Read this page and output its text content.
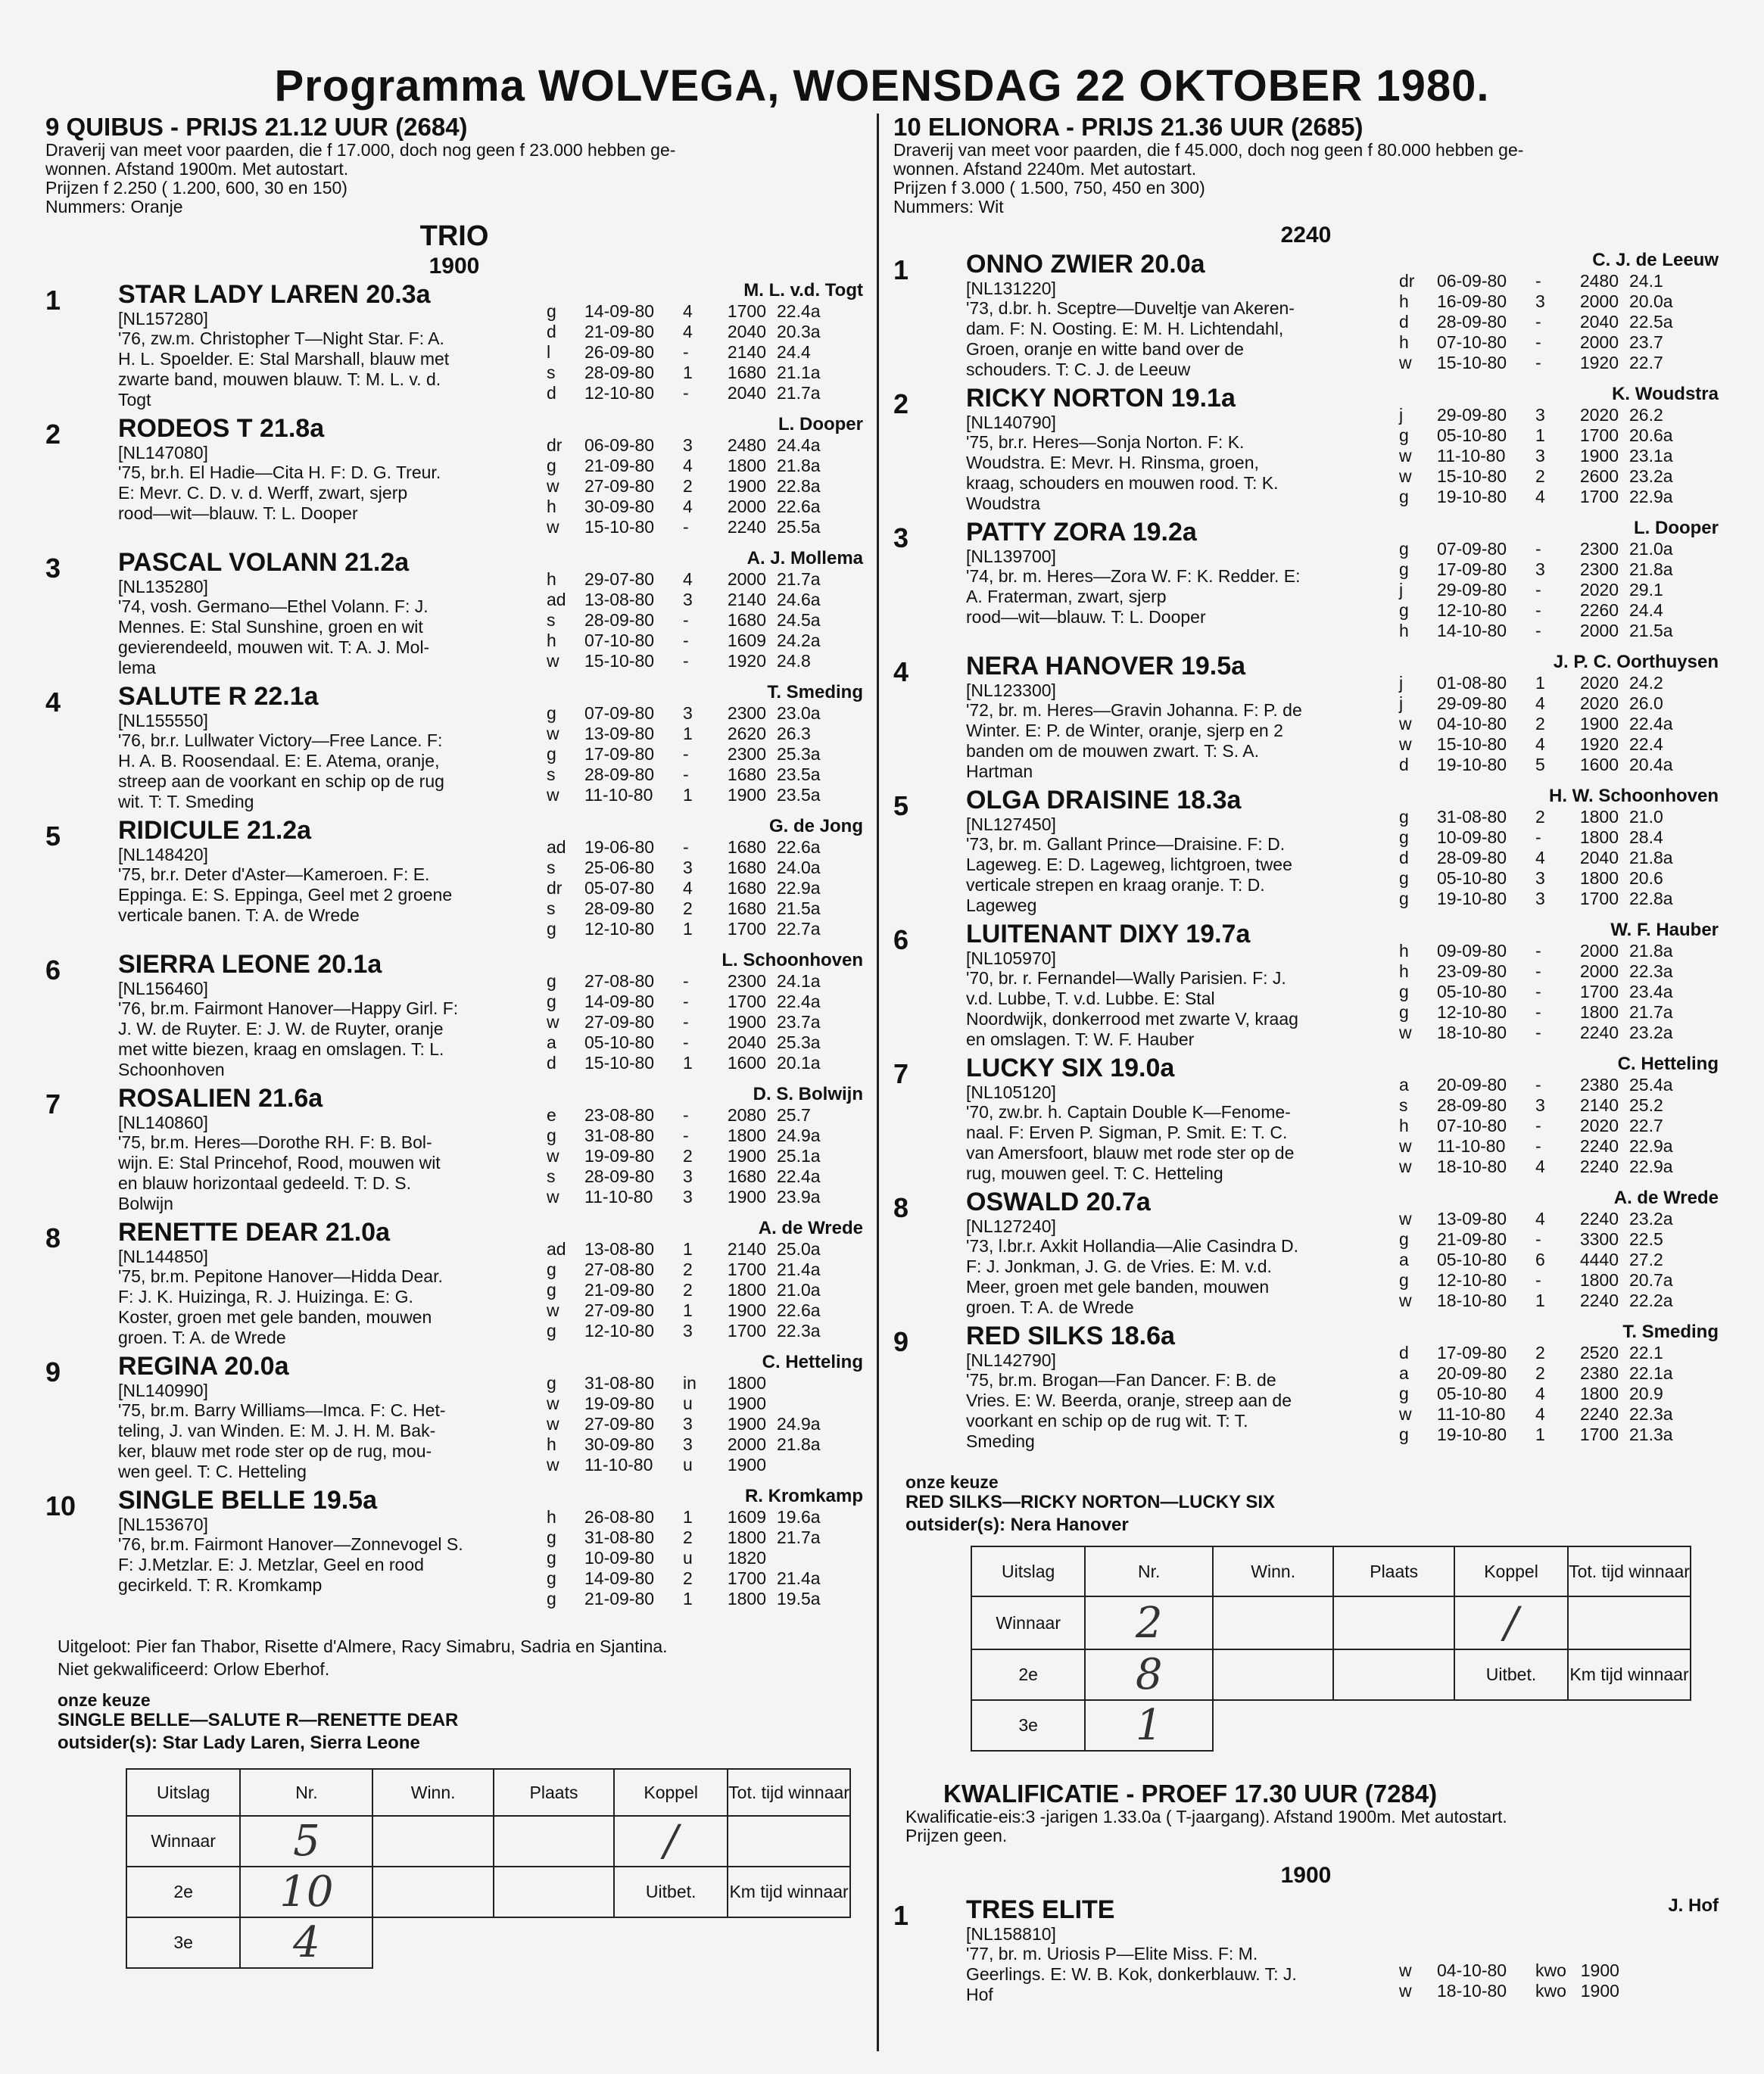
Programma WOLVEGA, WOENSDAG 22 OKTOBER 1980.
9 QUIBUS - PRIJS 21.12 UUR (2684)
Draverij van meet voor paarden, die f 17.000, doch nog geen f 23.000 hebben ge-
wonnen. Afstand 1900m. Met autostart.
Prijzen f 2.250 ( 1.200, 600, 30 en 150)
Nummers: Oranje
TRIO
1900
1	STAR LADY LAREN 20.3a
[NL157280]
'76, zw.m. Christopher T—Night Star. F: A.
H. L. Spoelder. E: Stal Marshall, blauw met
zwarte band, mouwen blauw. T: M. L. v. d.
Togt
M. L. v.d. Togt
g	14-09-80	4	1700	22.4a
d	21-09-80	4	2040	20.3a
l	26-09-80	-	2140	24.4
s	28-09-80	1	1680	21.1a
d	12-10-80	-	2040	21.7a
2	RODEOS T 21.8a
[NL147080]
'75, br.h. El Hadie—Cita H. F: D. G. Treur.
E: Mevr. C. D. v. d. Werff, zwart, sjerp
rood—wit—blauw. T: L. Dooper
L. Dooper
dr	06-09-80	3	2480	24.4a
g	21-09-80	4	1800	21.8a
w	27-09-80	2	1900	22.8a
h	30-09-80	4	2000	22.6a
w	15-10-80	-	2240	25.5a
3	PASCAL VOLANN 21.2a
[NL135280]
'74, vosh. Germano—Ethel Volann. F: J.
Mennes. E: Stal Sunshine, groen en wit
gevierendeeld, mouwen wit. T: A. J. Mol-
lema
A. J. Mollema
h	29-07-80	4	2000	21.7a
ad	13-08-80	3	2140	24.6a
s	28-09-80	-	1680	24.5a
h	07-10-80	-	1609	24.2a
w	15-10-80	-	1920	24.8
4	SALUTE R 22.1a
[NL155550]
'76, br.r. Lullwater Victory—Free Lance. F:
H. A. B. Roosendaal. E: E. Atema, oranje,
streep aan de voorkant en schip op de rug
wit. T: T. Smeding
T. Smeding
g	07-09-80	3	2300	23.0a
w	13-09-80	1	2620	26.3
g	17-09-80	-	2300	25.3a
s	28-09-80	-	1680	23.5a
w	11-10-80	1	1900	23.5a
5	RIDICULE 21.2a
[NL148420]
'75, br.r. Deter d'Aster—Kameroen. F: E.
Eppinga. E: S. Eppinga, Geel met 2 groene
verticale banen. T: A. de Wrede
G. de Jong
ad	19-06-80	-	1680	22.6a
s	25-06-80	3	1680	24.0a
dr	05-07-80	4	1680	22.9a
s	28-09-80	2	1680	21.5a
g	12-10-80	1	1700	22.7a
6	SIERRA LEONE 20.1a
[NL156460]
'76, br.m. Fairmont Hanover—Happy Girl. F:
J. W. de Ruyter. E: J. W. de Ruyter, oranje
met witte biezen, kraag en omslagen. T: L.
Schoonhoven
L. Schoonhoven
g	27-08-80	-	2300	24.1a
g	14-09-80	-	1700	22.4a
w	27-09-80	-	1900	23.7a
a	05-10-80	-	2040	25.3a
d	15-10-80	1	1600	20.1a
7	ROSALIEN 21.6a
[NL140860]
'75, br.m. Heres—Dorothe RH. F: B. Bol-
wijn. E: Stal Princehof, Rood, mouwen wit
en blauw horizontaal gedeeld. T: D. S.
Bolwijn
D. S. Bolwijn
e	23-08-80	-	2080	25.7
g	31-08-80	-	1800	24.9a
w	19-09-80	2	1900	25.1a
s	28-09-80	3	1680	22.4a
w	11-10-80	3	1900	23.9a
8	RENETTE DEAR 21.0a
[NL144850]
'75, br.m. Pepitone Hanover—Hidda Dear.
F: J. K. Huizinga, R. J. Huizinga. E: G.
Koster, groen met gele banden, mouwen
groen. T: A. de Wrede
A. de Wrede
ad	13-08-80	1	2140	25.0a
g	27-08-80	2	1700	21.4a
g	21-09-80	2	1800	21.0a
w	27-09-80	1	1900	22.6a
g	12-10-80	3	1700	22.3a
9	REGINA 20.0a
[NL140990]
'75, br.m. Barry Williams—Imca. F: C. Het-
teling, J. van Winden. E: M. J. H. M. Bak-
ker, blauw met rode ster op de rug, mou-
wen geel. T: C. Hetteling
C. Hetteling
g	31-08-80	in	1800	
w	19-09-80	u	1900	
w	27-09-80	3	1900	24.9a
h	30-09-80	3	2000	21.8a
w	11-10-80	u	1900	
10	SINGLE BELLE 19.5a
[NL153670]
'76, br.m. Fairmont Hanover—Zonnevogel S.
F: J.Metzlar. E: J. Metzlar, Geel en rood
gecirkeld. T: R. Kromkamp
R. Kromkamp
h	26-08-80	1	1609	19.6a
g	31-08-80	2	1800	21.7a
g	10-09-80	u	1820	
g	14-09-80	2	1700	21.4a
g	21-09-80	1	1800	19.5a
10 ELIONORA - PRIJS 21.36 UUR (2685)
Draverij van meet voor paarden, die f 45.000, doch nog geen f 80.000 hebben ge-
wonnen. Afstand 2240m. Met autostart.
Prijzen f 3.000 ( 1.500, 750, 450 en 300)
Nummers: Wit
2240
1	ONNO ZWIER 20.0a
[NL131220]
'73, d.br. h. Sceptre—Duveltje van Akeren-
dam. F: N. Oosting. E: M. H. Lichtendahl,
Groen, oranje en witte band over de
schouders. T: C. J. de Leeuw
C. J. de Leeuw
dr	06-09-80	-	2480	24.1
h	16-09-80	3	2000	20.0a
d	28-09-80	-	2040	22.5a
h	07-10-80	-	2000	23.7
w	15-10-80	-	1920	22.7
2	RICKY NORTON 19.1a
[NL140790]
'75, br.r. Heres—Sonja Norton. F: K.
Woudstra. E: Mevr. H. Rinsma, groen,
kraag, schouders en mouwen rood. T: K.
Woudstra
K. Woudstra
j	29-09-80	3	2020	26.2
g	05-10-80	1	1700	20.6a
w	11-10-80	3	1900	23.1a
w	15-10-80	2	2600	23.2a
g	19-10-80	4	1700	22.9a
3	PATTY ZORA 19.2a
[NL139700]
'74, br. m. Heres—Zora W. F: K. Redder. E:
A. Fraterman, zwart, sjerp
rood—wit—blauw. T: L. Dooper
L. Dooper
g	07-09-80	-	2300	21.0a
g	17-09-80	3	2300	21.8a
j	29-09-80	-	2020	29.1
g	12-10-80	-	2260	24.4
h	14-10-80	-	2000	21.5a
4	NERA HANOVER 19.5a
[NL123300]
'72, br. m. Heres—Gravin Johanna. F: P. de
Winter. E: P. de Winter, oranje, sjerp en 2
banden om de mouwen zwart. T: S. A.
Hartman
J. P. C. Oorthuysen
j	01-08-80	1	2020	24.2
j	29-09-80	4	2020	26.0
w	04-10-80	2	1900	22.4a
w	15-10-80	4	1920	22.4
d	19-10-80	5	1600	20.4a
5	OLGA DRAISINE 18.3a
[NL127450]
'73, br. m. Gallant Prince—Draisine. F: D.
Lageweg. E: D. Lageweg, lichtgroen, twee
verticale strepen en kraag oranje. T: D.
Lageweg
H. W. Schoonhoven
g	31-08-80	2	1800	21.0
g	10-09-80	-	1800	28.4
d	28-09-80	4	2040	21.8a
g	05-10-80	3	1800	20.6
g	19-10-80	3	1700	22.8a
6	LUITENANT DIXY 19.7a
[NL105970]
'70, br. r. Fernandel—Wally Parisien. F: J.
v.d. Lubbe, T. v.d. Lubbe. E: Stal
Noordwijk, donkerrood met zwarte V, kraag
en omslagen. T: W. F. Hauber
W. F. Hauber
h	09-09-80	-	2000	21.8a
h	23-09-80	-	2000	22.3a
g	05-10-80	-	1700	23.4a
g	12-10-80	-	1800	21.7a
w	18-10-80	-	2240	23.2a
7	LUCKY SIX 19.0a
[NL105120]
'70, zw.br. h. Captain Double K—Fenome-
naal. F: Erven P. Sigman, P. Smit. E: T. C.
van Amersfoort, blauw met rode ster op de
rug, mouwen geel. T: C. Hetteling
C. Hetteling
a	20-09-80	-	2380	25.4a
s	28-09-80	3	2140	25.2
h	07-10-80	-	2020	22.7
w	11-10-80	-	2240	22.9a
w	18-10-80	4	2240	22.9a
8	OSWALD 20.7a
[NL127240]
'73, l.br.r. Axkit Hollandia—Alie Casindra D.
F: J. Jonkman, J. G. de Vries. E: M. v.d.
Meer, groen met gele banden, mouwen
groen. T: A. de Wrede
A. de Wrede
w	13-09-80	4	2240	23.2a
g	21-09-80	-	3300	22.5
a	05-10-80	6	4440	27.2
g	12-10-80	-	1800	20.7a
w	18-10-80	1	2240	22.2a
9	RED SILKS 18.6a
[NL142790]
'75, br.m. Brogan—Fan Dancer. F: B. de
Vries. E: W. Beerda, oranje, streep aan de
voorkant en schip op de rug wit. T: T.
Smeding
T. Smeding
d	17-09-80	2	2520	22.1
a	20-09-80	2	2380	22.1a
g	05-10-80	4	1800	20.9
w	11-10-80	4	2240	22.3a
g	19-10-80	1	1700	21.3a
Uitgeloot: Pier fan Thabor, Risette d'Almere, Racy Simabru, Sadria en Sjantina.
Niet gekwalificeerd: Orlow Eberhof.
onze keuze
SINGLE BELLE—SALUTE R—RENETTE DEAR
outsider(s): Star Lady Laren, Sierra Leone
Uitslag	Nr.	Winn.	Plaats	Koppel	Tot. tijd winnaar
Winnaar	5			/	
2e	10			Uitbet.	Km tijd winnaar
3e	4				
onze keuze
RED SILKS—RICKY NORTON—LUCKY SIX
outsider(s): Nera Hanover
Uitslag	Nr.	Winn.	Plaats	Koppel	Tot. tijd winnaar
Winnaar	2			/	
2e	8			Uitbet.	Km tijd winnaar
3e	1				
KWALIFICATIE - PROEF 17.30 UUR (7284)
Kwalificatie-eis:3 -jarigen 1.33.0a ( T-jaargang). Afstand 1900m. Met autostart.
Prijzen geen.
1900
1	TRES ELITE
[NL158810]
'77, br. m. Uriosis P—Elite Miss. F: M.
Geerlings. E: W. B. Kok, donkerblauw. T: J.
Hof
J. Hof
w	04-10-80	kwo	1900	
w	18-10-80	kwo	1900	
